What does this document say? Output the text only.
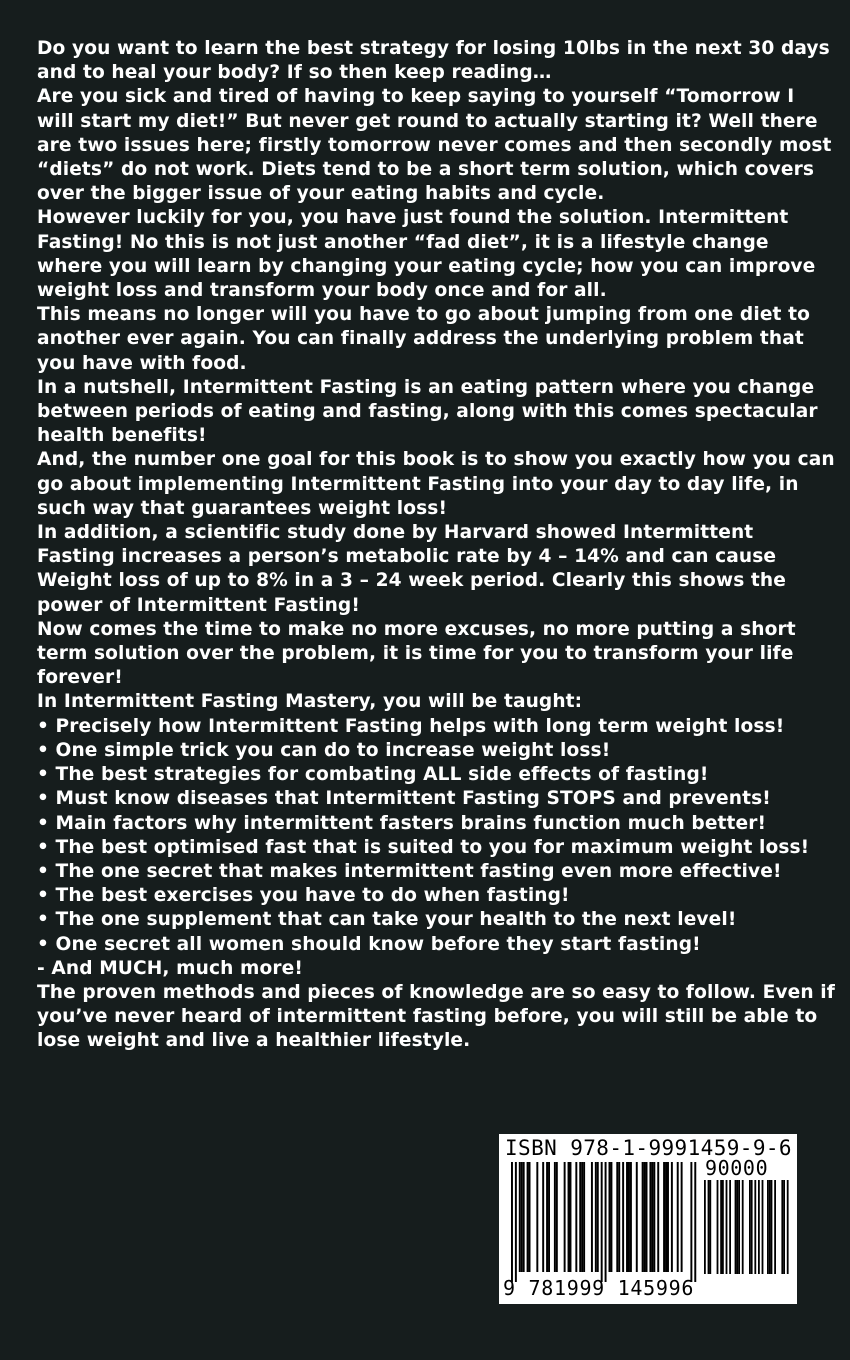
Do you want to learn the best strategy for losing 10lbs in the next 30 days and to heal your body? If so then keep reading…

Are you sick and tired of having to keep saying to yourself “Tomorrow I will start my diet!” But never get round to actually starting it? Well there are two issues here; firstly tomorrow never comes and then secondly most “diets” do not work. Diets tend to be a short term solution, which covers over the bigger issue of your eating habits and cycle.

However luckily for you, you have just found the solution. Intermittent Fasting! No this is not just another “fad diet”, it is a lifestyle change where you will learn by changing your eating cycle; how you can improve weight loss and transform your body once and for all.

This means no longer will you have to go about jumping from one diet to another ever again. You can finally address the underlying problem that you have with food.

In a nutshell, Intermittent Fasting is an eating pattern where you change between periods of eating and fasting, along with this comes spectacular health benefits!

And, the number one goal for this book is to show you exactly how you can go about implementing Intermittent Fasting into your day to day life, in such way that guarantees weight loss!

In addition, a scientific study done by Harvard showed Intermittent Fasting increases a person’s metabolic rate by 4 – 14% and can cause Weight loss of up to 8% in a 3 – 24 week period. Clearly this shows the power of Intermittent Fasting!

Now comes the time to make no more excuses, no more putting a short term solution over the problem, it is time for you to transform your life forever!

In Intermittent Fasting Mastery, you will be taught:

• Precisely how Intermittent Fasting helps with long term weight loss!

• One simple trick you can do to increase weight loss!

• The best strategies for combating ALL side effects of fasting!

• Must know diseases that Intermittent Fasting STOPS and prevents!

• Main factors why intermittent fasters brains function much better!

• The best optimised fast that is suited to you for maximum weight loss!

• The one secret that makes intermittent fasting even more effective!

• The best exercises you have to do when fasting!

• The one supplement that can take your health to the next level!

• One secret all women should know before they start fasting!

- And MUCH, much more!

The proven methods and pieces of knowledge are so easy to follow. Even if you’ve never heard of intermittent fasting before, you will still be able to lose weight and live a healthier lifestyle.

ISBN 978-1-9991459-9-6
90000
9 781999 145996
